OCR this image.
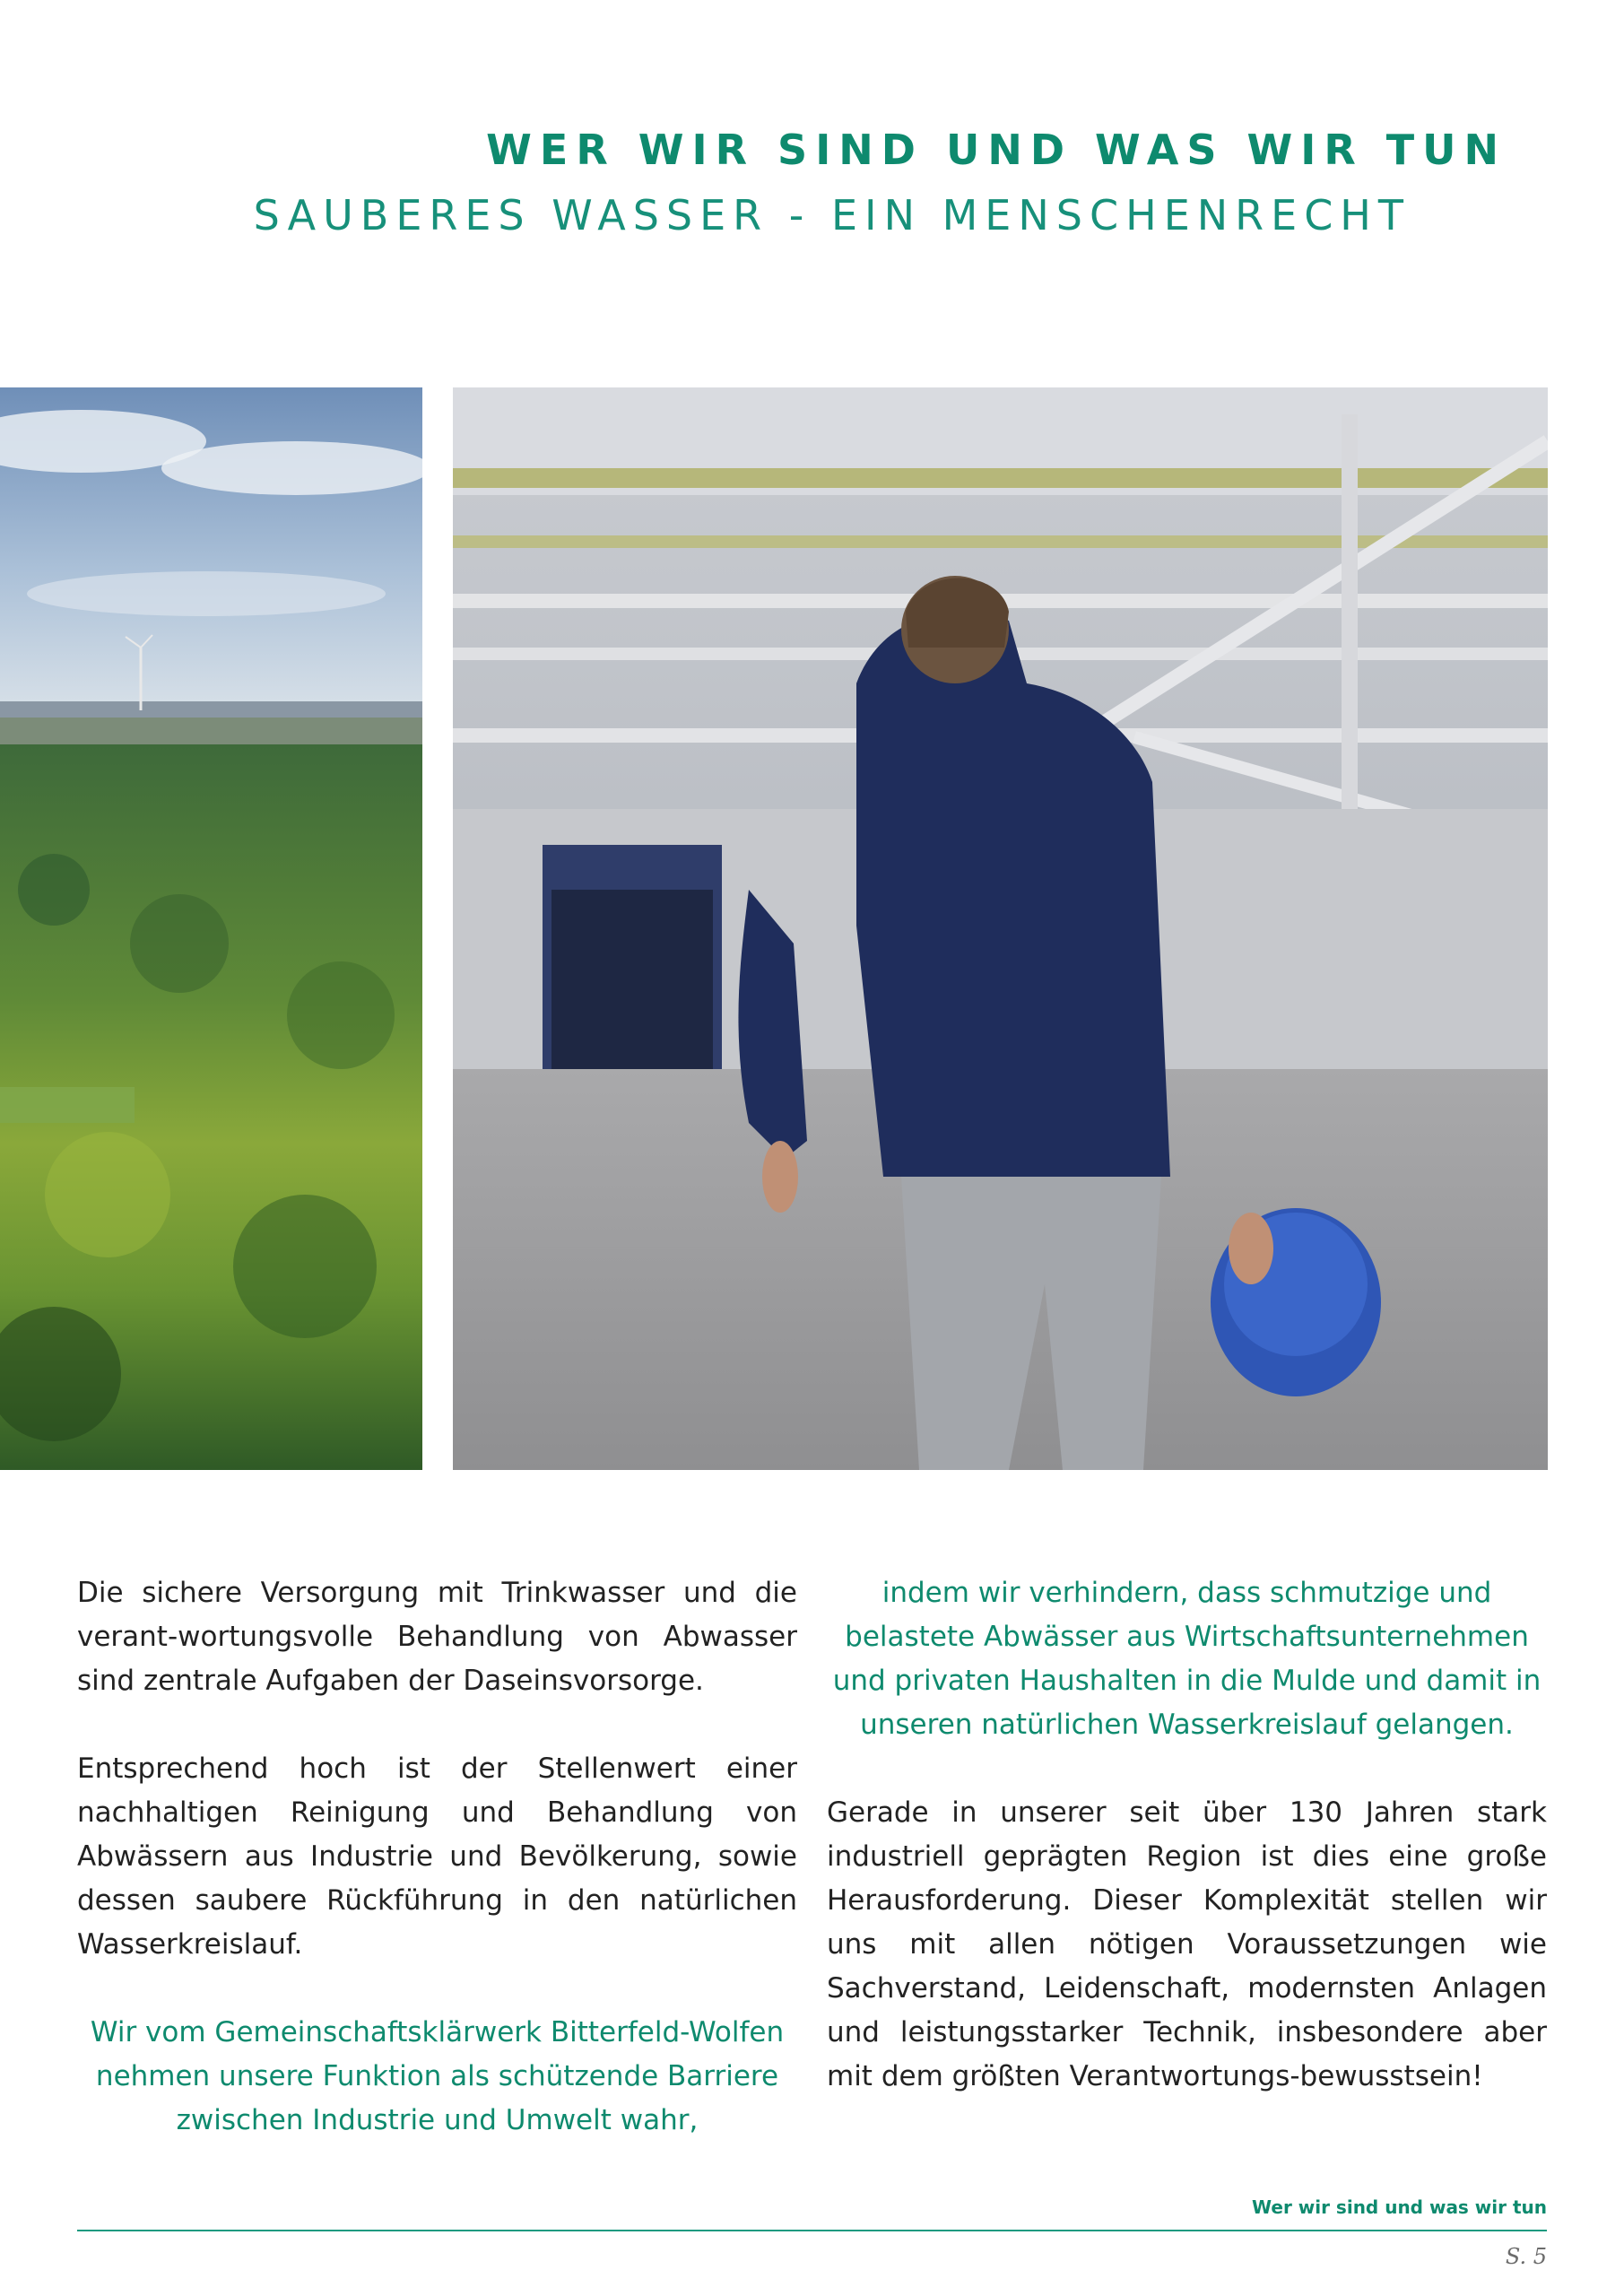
WER WIR SIND UND WAS WIR TUN
SAUBERES WASSER - EIN MENSCHENRECHT

Die sichere Versorgung mit Trinkwasser und die verant-wortungsvolle Behandlung von Abwasser sind zentrale Aufgaben der Daseinsvorsorge.

Entsprechend hoch ist der Stellenwert einer nachhaltigen Reinigung und Behandlung von Abwässern aus Industrie und Bevölkerung, sowie dessen saubere Rückführung in den natürlichen Wasserkreislauf.

Wir vom Gemeinschaftsklärwerk Bitterfeld-Wolfen nehmen unsere Funktion als schützende Barriere zwischen Industrie und Umwelt wahr,

indem wir verhindern, dass schmutzige und belastete Abwässer aus Wirtschaftsunternehmen und privaten Haushalten in die Mulde und damit in unseren natürlichen Wasserkreislauf gelangen.

Gerade in unserer seit über 130 Jahren stark industriell geprägten Region ist dies eine große Herausforderung. Dieser Komplexität stellen wir uns mit allen nötigen Voraussetzungen wie Sachverstand, Leidenschaft, modernsten Anlagen und leistungsstarker Technik, insbesondere aber mit dem größten Verantwortungs-bewusstsein!

Wer wir sind und was wir tun
S. 5
